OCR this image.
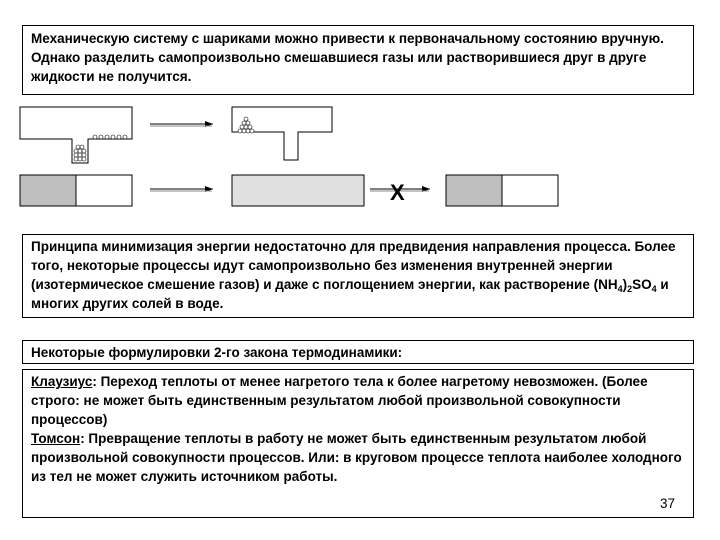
Механическую систему с шариками можно привести к первоначальному состоянию вручную. Однако разделить самопроизвольно смешавшиеся газы или растворившиеся друг в друге жидкости не получится.
X
Принципа минимизация энергии недостаточно для предвидения направления процесса. Более того, некоторые процессы идут самопроизвольно без изменения внутренней энергии (изотермическое смешение газов) и даже с поглощением энергии, как растворение $(NH_4)_2SO_4$ и многих других солей в воде.
Некоторые формулировки 2-го закона термодинамики:
Клаузиус: Переход теплоты от менее нагретого тела к более нагретому невозможен. (Более строго: не может быть единственным результатом любой произвольной совокупности процессов)
Томсон: Превращение теплоты в работу не может быть единственным результатом любой произвольной совокупности процессов. Или: в круговом процессе теплота наиболее холодного из тел не может служить источником работы.
37
